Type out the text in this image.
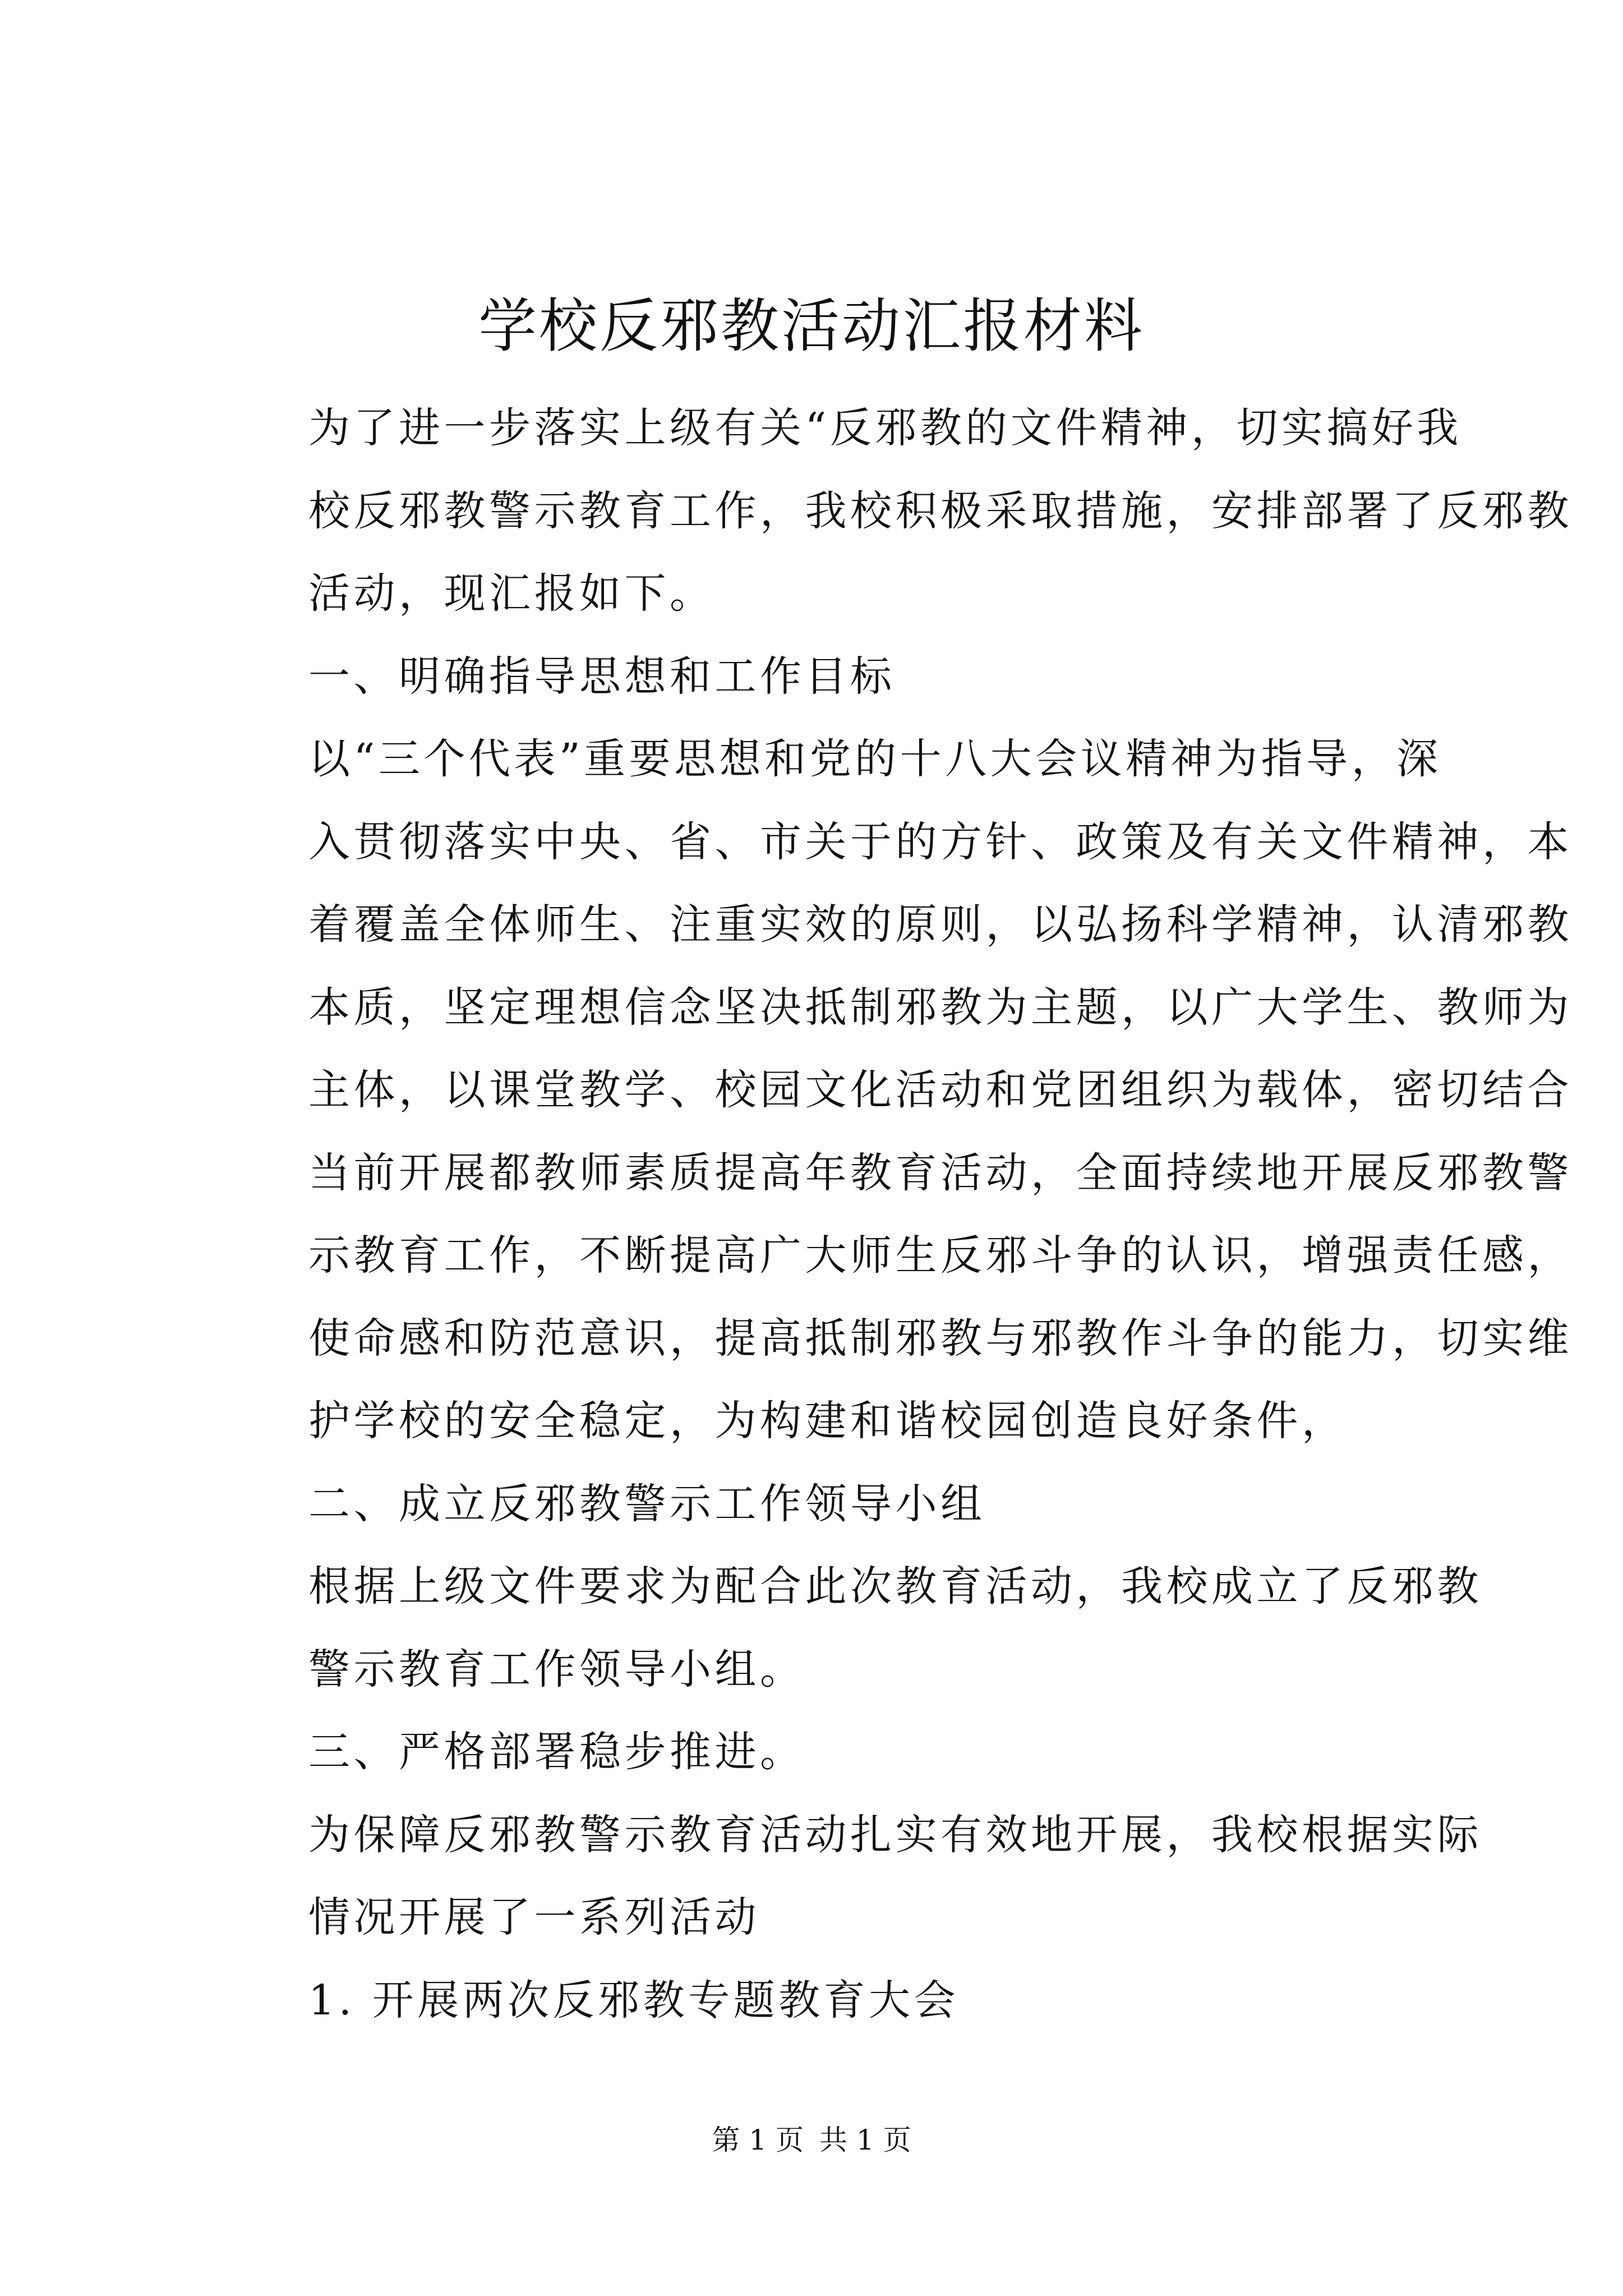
学校反邪教活动汇报材料

为了进一步落实上级有关“反邪教的文件精神，切实搞好我
校反邪教警示教育工作，我校积极采取措施，安排部署了反邪教
活动，现汇报如下。

一、明确指导思想和工作目标

以“三个代表”重要思想和党的十八大会议精神为指导，深
入贯彻落实中央、省、市关于的方针、政策及有关文件精神，本
着覆盖全体师生、注重实效的原则，以弘扬科学精神，认清邪教
本质，坚定理想信念坚决抵制邪教为主题，以广大学生、教师为
主体，以课堂教学、校园文化活动和党团组织为载体，密切结合
当前开展都教师素质提高年教育活动，全面持续地开展反邪教警
示教育工作，不断提高广大师生反邪斗争的认识，增强责任感，
使命感和防范意识，提高抵制邪教与邪教作斗争的能力，切实维
护学校的安全稳定，为构建和谐校园创造良好条件，

二、成立反邪教警示工作领导小组

根据上级文件要求为配合此次教育活动，我校成立了反邪教
警示教育工作领导小组。

三、严格部署稳步推进。

为保障反邪教警示教育活动扎实有效地开展，我校根据实际
情况开展了一系列活动

1. 开展两次反邪教专题教育大会

第 1 页 共 1 页
